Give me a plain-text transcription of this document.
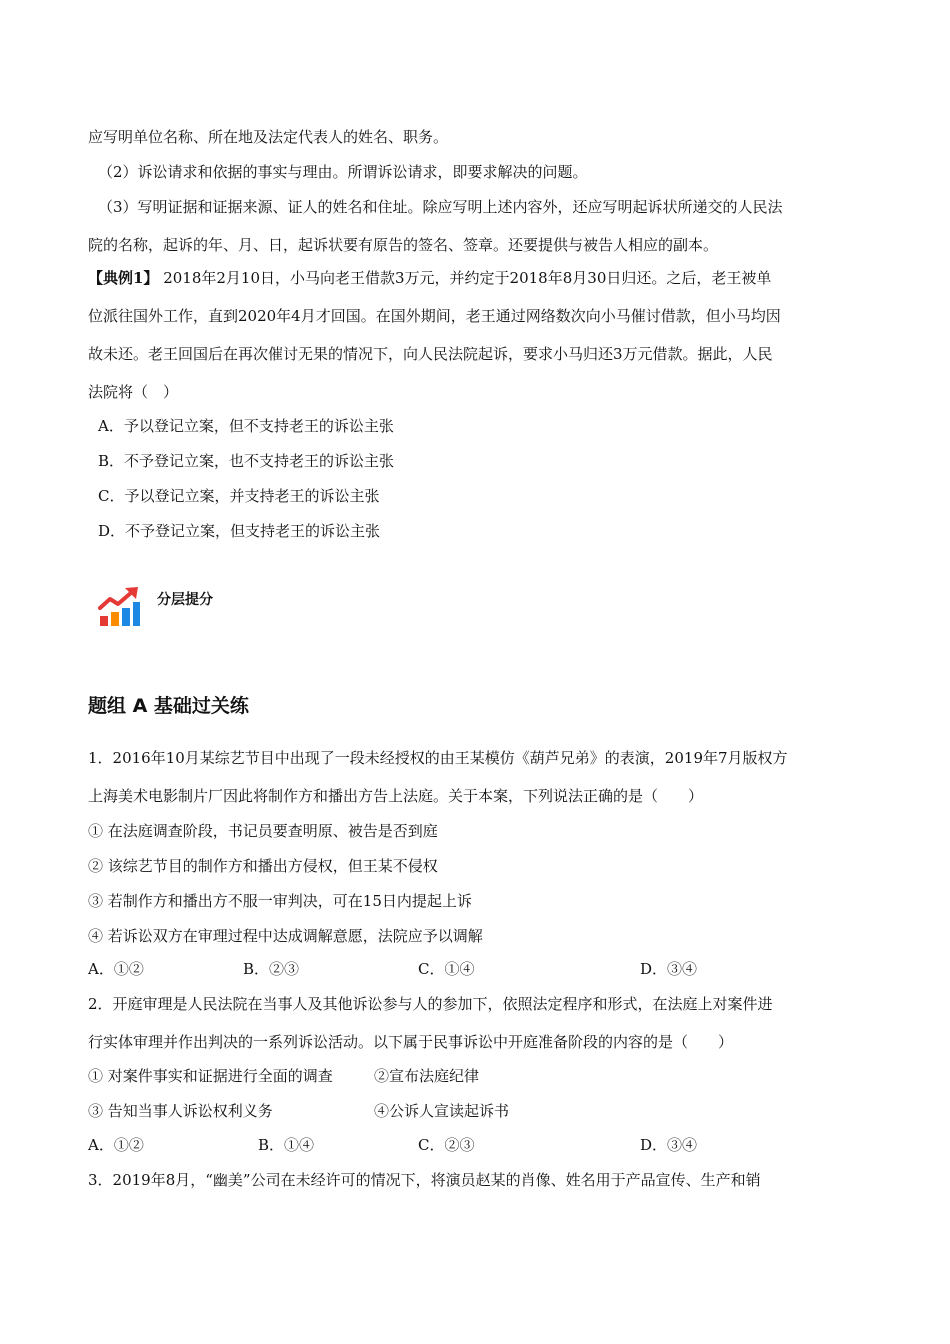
应写明单位名称、所在地及法定代表人的姓名、职务。
（2）诉讼请求和依据的事实与理由。所谓诉讼请求，即要求解决的问题。
（3）写明证据和证据来源、证人的姓名和住址。除应写明上述内容外，还应写明起诉状所递交的人民法
院的名称，起诉的年、月、日，起诉状要有原告的签名、签章。还要提供与被告人相应的副本。
【典例1】 2018年2月10日，小马向老王借款3万元，并约定于2018年8月30日归还。之后，老王被单
位派往国外工作，直到2020年4月才回国。在国外期间，老王通过网络数次向小马催讨借款，但小马均因
故未还。老王回国后在再次催讨无果的情况下，向人民法院起诉，要求小马归还3万元借款。据此，人民
法院将（　）
A．予以登记立案，但不支持老王的诉讼主张
B．不予登记立案，也不支持老王的诉讼主张
C．予以登记立案，并支持老王的诉讼主张
D．不予登记立案，但支持老王的诉讼主张
分层提分
题组 A 基础过关练
1．2016年10月某综艺节目中出现了一段未经授权的由王某模仿《葫芦兄弟》的表演，2019年7月版权方
上海美术电影制片厂因此将制作方和播出方告上法庭。关于本案，下列说法正确的是（　　）
① 在法庭调查阶段，书记员要查明原、被告是否到庭
② 该综艺节目的制作方和播出方侵权，但王某不侵权
③ 若制作方和播出方不服一审判决，可在15日内提起上诉
④ 若诉讼双方在审理过程中达成调解意愿，法院应予以调解
A．①②	B．②③	C．①④	D．③④
2．开庭审理是人民法院在当事人及其他诉讼参与人的参加下，依照法定程序和形式，在法庭上对案件进
行实体审理并作出判决的一系列诉讼活动。以下属于民事诉讼中开庭准备阶段的内容的是（　　）
① 对案件事实和证据进行全面的调查	②宣布法庭纪律
③ 告知当事人诉讼权利义务	④公诉人宣读起诉书
A．①②	B．①④	C．②③	D．③④
3．2019年8月，“幽美”公司在未经许可的情况下，将演员赵某的肖像、姓名用于产品宣传、生产和销
